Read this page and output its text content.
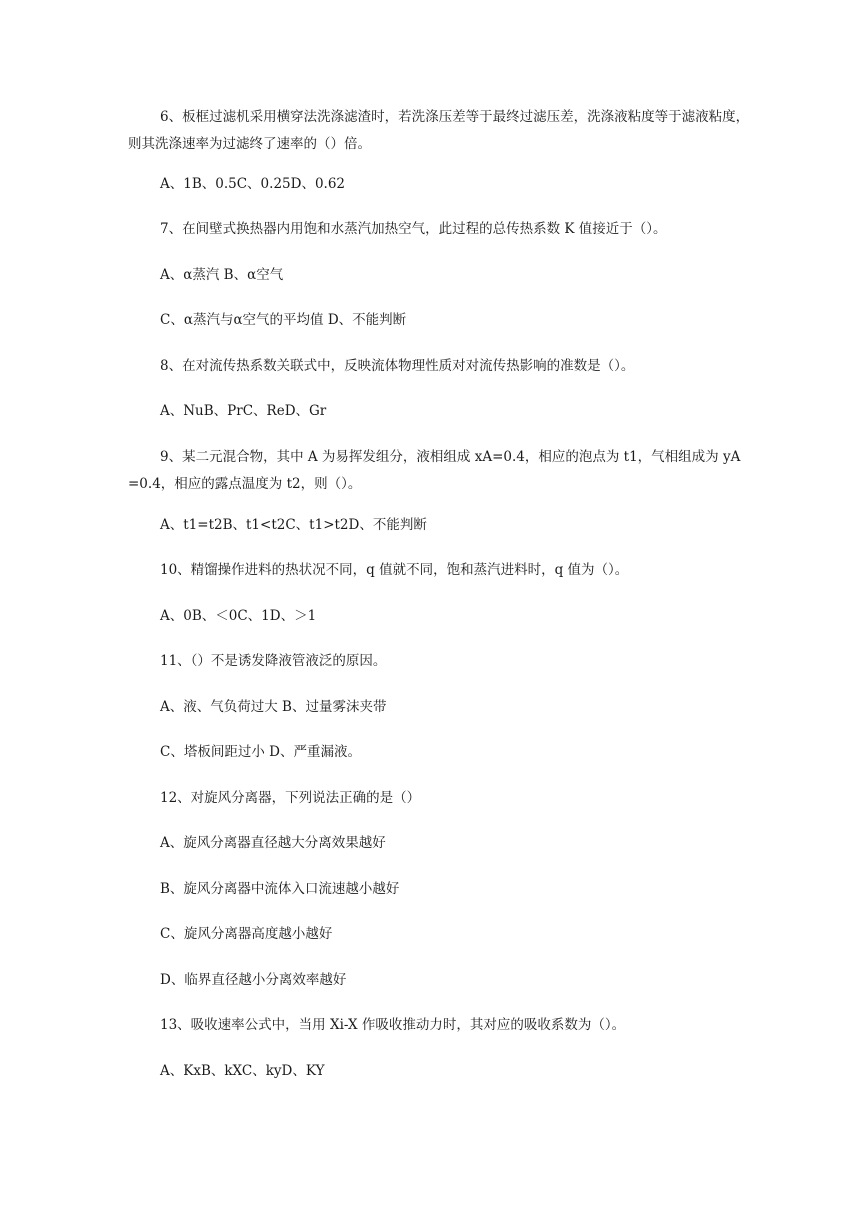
6、板框过滤机采用横穿法洗涤滤渣时，若洗涤压差等于最终过滤压差，洗涤液粘度等于滤液粘度，则其洗涤速率为过滤终了速率的（）倍。

A、1B、0.5C、0.25D、0.62

7、在间壁式换热器内用饱和水蒸汽加热空气，此过程的总传热系数 K 值接近于（）。

A、α蒸汽 B、α空气

C、α蒸汽与α空气的平均值 D、不能判断

8、在对流传热系数关联式中，反映流体物理性质对对流传热影响的准数是（）。

A、NuB、PrC、ReD、Gr

9、某二元混合物，其中 A 为易挥发组分，液相组成 xA=0.4，相应的泡点为 t1，气相组成为 yA=0.4，相应的露点温度为 t2，则（）。

A、t1=t2B、t1<t2C、t1>t2D、不能判断

10、精馏操作进料的热状况不同，q 值就不同，饱和蒸汽进料时，q 值为（）。

A、0B、＜0C、1D、＞1

11、（）不是诱发降液管液泛的原因。

A、液、气负荷过大 B、过量雾沫夹带

C、塔板间距过小 D、严重漏液。

12、对旋风分离器，下列说法正确的是（）

A、旋风分离器直径越大分离效果越好

B、旋风分离器中流体入口流速越小越好

C、旋风分离器高度越小越好

D、临界直径越小分离效率越好

13、吸收速率公式中，当用 Xi-X 作吸收推动力时，其对应的吸收系数为（）。

A、KxB、kXC、kyD、KY
